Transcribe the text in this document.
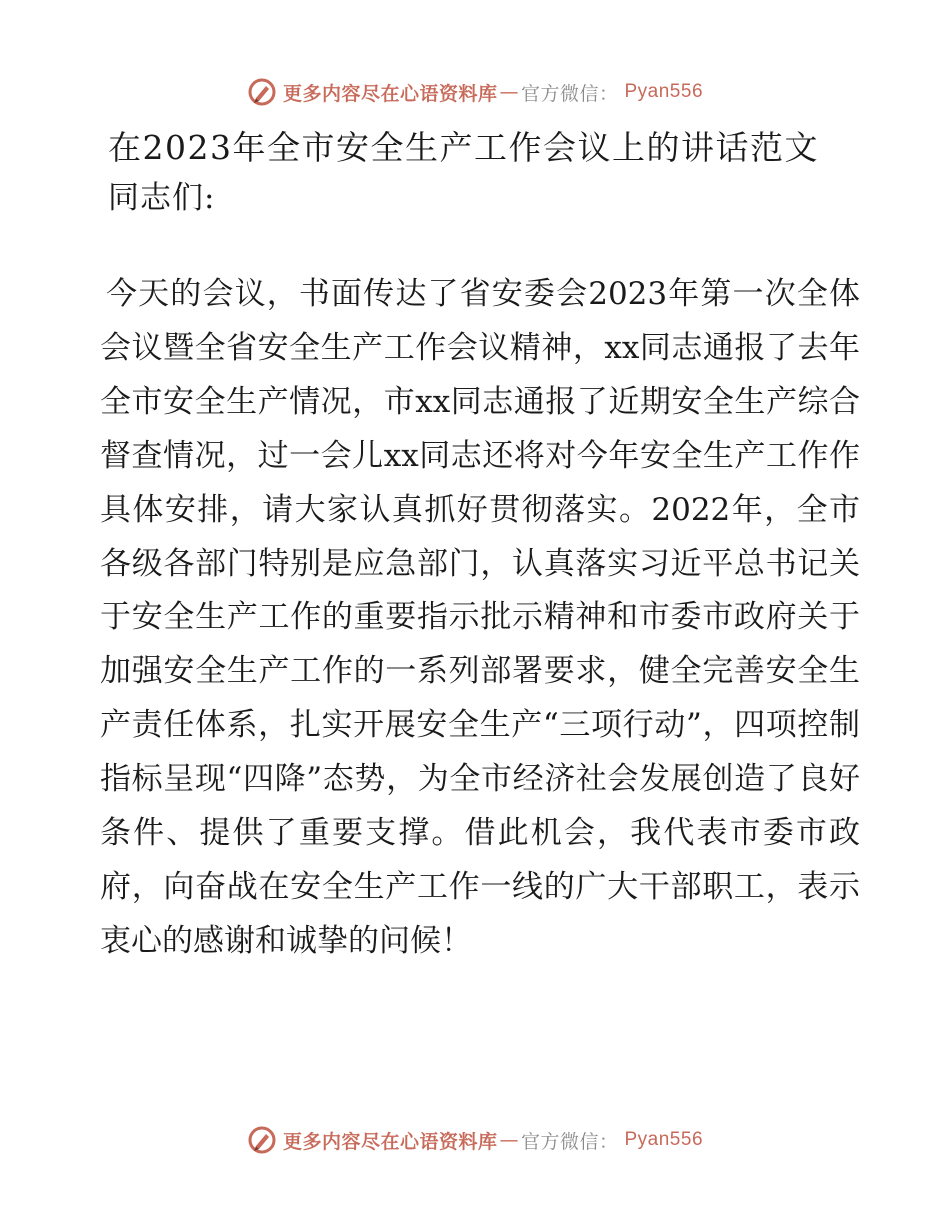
更多内容尽在心语资料库 — 官方微信： Pyan556
在2023年全市安全生产工作会议上的讲话范文

同志们:

今天的会议，书面传达了省安委会2023年第一次全体会议暨全省安全生产工作会议精神，xx同志通报了去年全市安全生产情况，市xx同志通报了近期安全生产综合督查情况，过一会儿xx同志还将对今年安全生产工作作具体安排，请大家认真抓好贯彻落实。2022年，全市各级各部门特别是应急部门，认真落实习近平总书记关于安全生产工作的重要指示批示精神和市委市政府关于加强安全生产工作的一系列部署要求，健全完善安全生产责任体系，扎实开展安全生产“三项行动”，四项控制指标呈现“四降”态势，为全市经济社会发展创造了良好条件、提供了重要支撑。借此机会，我代表市委市政府，向奋战在安全生产工作一线的广大干部职工，表示衷心的感谢和诚挚的问候！

更多内容尽在心语资料库 — 官方微信： Pyan556
